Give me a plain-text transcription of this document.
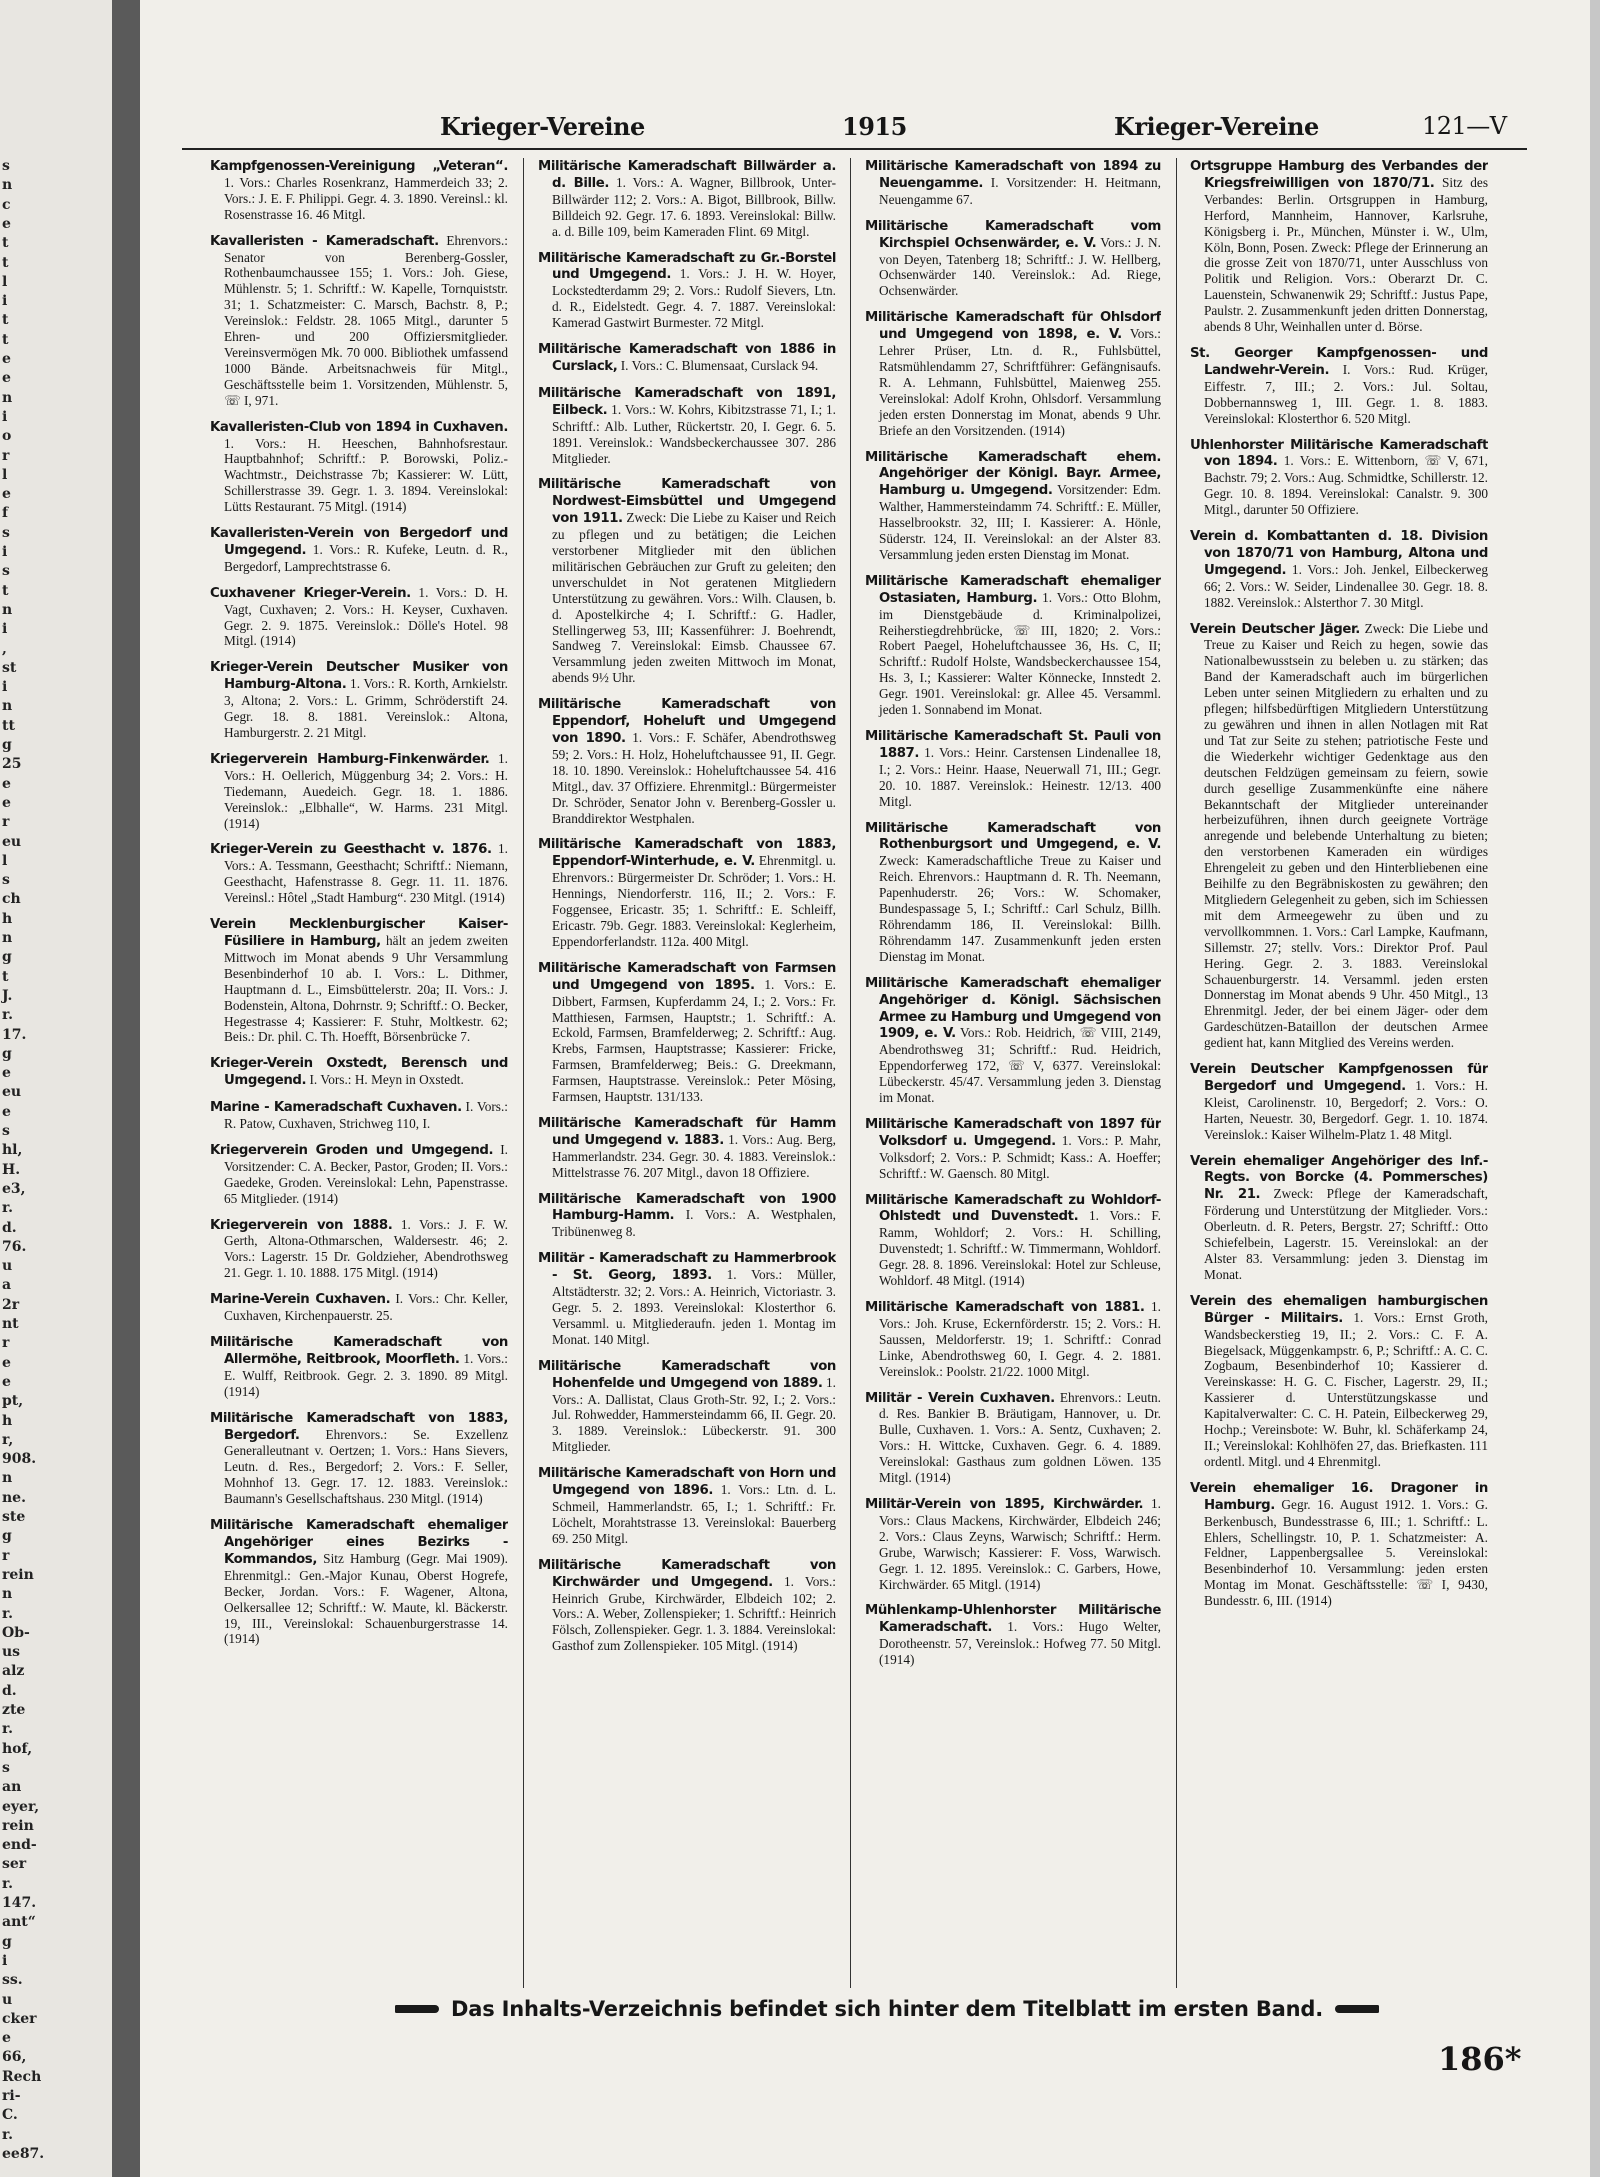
s
n
c
e
t
t
l
i
t
t
e
e
n
i
o
r
l
e
f
s
i
s
t
n
i
,
st
i
n
tt
g
25
e
e
r
eu
l
s
ch
h
n
g
t
J.
r.
17.
g
e
eu
e
s
hl,
H.
e3,
r.
d.
76.
u
a
2r
nt
r
e
e
pt,
h
r,
908.
n
ne.
ste
g
r
rein
n
r.
Ob-
us
alz
d.
zte
r.
hof,
s
an
eyer,
rein
end-
ser
r.
147.
ant“
g
i
ss.
u
cker
e
66,
Rech
ri-
C.
r.
ee87.
Krieger-Vereine	1915	Krieger-Vereine	121—V
Kampfgenossen-Vereinigung „Veteran“. 1. Vors.: Charles Rosenkranz, Hammerdeich 33; 2. Vors.: J. E. F. Philippi. Gegr. 4. 3. 1890. Vereinsl.: kl. Rosenstrasse 16. 46 Mitgl.
Kavalleristen - Kameradschaft. Ehrenvors.: Senator von Berenberg-Gossler, Rothenbaumchaussee 155; 1. Vors.: Joh. Giese, Mühlenstr. 5; 1. Schriftf.: W. Kapelle, Tornquiststr. 31; 1. Schatzmeister: C. Marsch, Bachstr. 8, P.; Vereinslok.: Feldstr. 28. 1065 Mitgl., darunter 5 Ehren- und 200 Offiziersmitglieder. Vereinsvermögen Mk. 70 000. Bibliothek umfassend 1000 Bände. Arbeitsnachweis für Mitgl., Geschäftsstelle beim 1. Vorsitzenden, Mühlenstr. 5, ☏ I, 971.
Kavalleristen-Club von 1894 in Cuxhaven. 1. Vors.: H. Heeschen, Bahnhofsrestaur. Hauptbahnhof; Schriftf.: P. Borowski, Poliz.-Wachtmstr., Deichstrasse 7b; Kassierer: W. Lütt, Schillerstrasse 39. Gegr. 1. 3. 1894. Vereinslokal: Lütts Restaurant. 75 Mitgl. (1914)
Kavalleristen-Verein von Bergedorf und Umgegend. 1. Vors.: R. Kufeke, Leutn. d. R., Bergedorf, Lamprechtstrasse 6.
Cuxhavener Krieger-Verein. 1. Vors.: D. H. Vagt, Cuxhaven; 2. Vors.: H. Keyser, Cuxhaven. Gegr. 2. 9. 1875. Vereinslok.: Dölle's Hotel. 98 Mitgl. (1914)
Krieger-Verein Deutscher Musiker von Hamburg-Altona. 1. Vors.: R. Korth, Arnkielstr. 3, Altona; 2. Vors.: L. Grimm, Schröderstift 24. Gegr. 18. 8. 1881. Vereinslok.: Altona, Hamburgerstr. 2. 21 Mitgl.
Kriegerverein Hamburg-Finkenwärder. 1. Vors.: H. Oellerich, Müggenburg 34; 2. Vors.: H. Tiedemann, Auedeich. Gegr. 18. 1. 1886. Vereinslok.: „Elbhalle“, W. Harms. 231 Mitgl. (1914)
Krieger-Verein zu Geesthacht v. 1876. 1. Vors.: A. Tessmann, Geesthacht; Schriftf.: Niemann, Geesthacht, Hafenstrasse 8. Gegr. 11. 11. 1876. Vereinsl.: Hôtel „Stadt Hamburg“. 230 Mitgl. (1914)
Verein Mecklenburgischer Kaiser-Füsiliere in Hamburg, hält an jedem zweiten Mittwoch im Monat abends 9 Uhr Versammlung Besenbinderhof 10 ab. I. Vors.: L. Dithmer, Hauptmann d. L., Eimsbüttelerstr. 20a; II. Vors.: J. Bodenstein, Altona, Dohrnstr. 9; Schriftf.: O. Becker, Hegestrasse 4; Kassierer: F. Stuhr, Moltkestr. 62; Beis.: Dr. phil. C. Th. Hoefft, Börsenbrücke 7.
Krieger-Verein Oxstedt, Berensch und Umgegend. I. Vors.: H. Meyn in Oxstedt.
Marine - Kameradschaft Cuxhaven. I. Vors.: R. Patow, Cuxhaven, Strichweg 110, I.
Kriegerverein Groden und Umgegend. I. Vorsitzender: C. A. Becker, Pastor, Groden; II. Vors.: Gaedeke, Groden. Vereinslokal: Lehn, Papenstrasse. 65 Mitglieder. (1914)
Kriegerverein von 1888. 1. Vors.: J. F. W. Gerth, Altona-Othmarschen, Waldersestr. 46; 2. Vors.: Lagerstr. 15 Dr. Goldzieher, Abendrothsweg 21. Gegr. 1. 10. 1888. 175 Mitgl. (1914)
Marine-Verein Cuxhaven. I. Vors.: Chr. Keller, Cuxhaven, Kirchenpauerstr. 25.
Militärische Kameradschaft von Allermöhe, Reitbrook, Moorfleth. 1. Vors.: E. Wulff, Reitbrook. Gegr. 2. 3. 1890. 89 Mitgl. (1914)
Militärische Kameradschaft von 1883, Bergedorf. Ehrenvors.: Se. Exzellenz Generalleutnant v. Oertzen; 1. Vors.: Hans Sievers, Leutn. d. Res., Bergedorf; 2. Vors.: F. Seller, Mohnhof 13. Gegr. 17. 12. 1883. Vereinslok.: Baumann's Gesellschaftshaus. 230 Mitgl. (1914)
Militärische Kameradschaft ehemaliger Angehöriger eines Bezirks - Kommandos, Sitz Hamburg (Gegr. Mai 1909). Ehrenmitgl.: Gen.-Major Kunau, Oberst Hogrefe, Becker, Jordan. Vors.: F. Wagener, Altona, Oelkersallee 12; Schriftf.: W. Maute, kl. Bäckerstr. 19, III., Vereinslokal: Schauenburgerstrasse 14. (1914)
Militärische Kameradschaft Billwärder a. d. Bille. 1. Vors.: A. Wagner, Billbrook, Unter-Billwärder 112; 2. Vors.: A. Bigot, Billbrook, Billw. Billdeich 92. Gegr. 17. 6. 1893. Vereinslokal: Billw. a. d. Bille 109, beim Kameraden Flint. 69 Mitgl.
Militärische Kameradschaft zu Gr.-Borstel und Umgegend. 1. Vors.: J. H. W. Hoyer, Lockstedterdamm 29; 2. Vors.: Rudolf Sievers, Ltn. d. R., Eidelstedt. Gegr. 4. 7. 1887. Vereinslokal: Kamerad Gastwirt Burmester. 72 Mitgl.
Militärische Kameradschaft von 1886 in Curslack, I. Vors.: C. Blumensaat, Curslack 94.
Militärische Kameradschaft von 1891, Eilbeck. 1. Vors.: W. Kohrs, Kibitzstrasse 71, I.; 1. Schriftf.: Alb. Luther, Rückertstr. 20, I. Gegr. 6. 5. 1891. Vereinslok.: Wandsbeckerchaussee 307. 286 Mitglieder.
Militärische Kameradschaft von Nordwest-Eimsbüttel und Umgegend von 1911. Zweck: Die Liebe zu Kaiser und Reich zu pflegen und zu betätigen; die Leichen verstorbener Mitglieder mit den üblichen militärischen Gebräuchen zur Gruft zu geleiten; den unverschuldet in Not geratenen Mitgliedern Unterstützung zu gewähren. Vors.: Wilh. Clausen, b. d. Apostelkirche 4; I. Schriftf.: G. Hadler, Stellingerweg 53, III; Kassenführer: J. Boehrendt, Sandweg 7. Vereinslokal: Eimsb. Chaussee 67. Versammlung jeden zweiten Mittwoch im Monat, abends 9½ Uhr.
Militärische Kameradschaft von Eppendorf, Hoheluft und Umgegend von 1890. 1. Vors.: F. Schäfer, Abendrothsweg 59; 2. Vors.: H. Holz, Hoheluftchaussee 91, II. Gegr. 18. 10. 1890. Vereinslok.: Hoheluftchaussee 54. 416 Mitgl., dav. 37 Offiziere. Ehrenmitgl.: Bürgermeister Dr. Schröder, Senator John v. Berenberg-Gossler u. Branddirektor Westphalen.
Militärische Kameradschaft von 1883, Eppendorf-Winterhude, e. V. Ehrenmitgl. u. Ehrenvors.: Bürgermeister Dr. Schröder; 1. Vors.: H. Hennings, Niendorferstr. 116, II.; 2. Vors.: F. Foggensee, Ericastr. 35; 1. Schriftf.: E. Schleiff, Ericastr. 79b. Gegr. 1883. Vereinslokal: Keglerheim, Eppendorferlandstr. 112a. 400 Mitgl.
Militärische Kameradschaft von Farmsen und Umgegend von 1895. 1. Vors.: E. Dibbert, Farmsen, Kupferdamm 24, I.; 2. Vors.: Fr. Matthiesen, Farmsen, Hauptstr.; 1. Schriftf.: A. Eckold, Farmsen, Bramfelderweg; 2. Schriftf.: Aug. Krebs, Farmsen, Hauptstrasse; Kassierer: Fricke, Farmsen, Bramfelderweg; Beis.: G. Dreekmann, Farmsen, Hauptstrasse. Vereinslok.: Peter Mösing, Farmsen, Hauptstr. 131/133.
Militärische Kameradschaft für Hamm und Umgegend v. 1883. 1. Vors.: Aug. Berg, Hammerlandstr. 234. Gegr. 30. 4. 1883. Vereinslok.: Mittelstrasse 76. 207 Mitgl., davon 18 Offiziere.
Militärische Kameradschaft von 1900 Hamburg-Hamm. I. Vors.: A. Westphalen, Tribünenweg 8.
Militär - Kameradschaft zu Hammerbrook - St. Georg, 1893. 1. Vors.: Müller, Altstädterstr. 32; 2. Vors.: A. Heinrich, Victoriastr. 3. Gegr. 5. 2. 1893. Vereinslokal: Klosterthor 6. Versamml. u. Mitgliederaufn. jeden 1. Montag im Monat. 140 Mitgl.
Militärische Kameradschaft von Hohenfelde und Umgegend von 1889. 1. Vors.: A. Dallistat, Claus Groth-Str. 92, I.; 2. Vors.: Jul. Rohwedder, Hammersteindamm 66, II. Gegr. 20. 3. 1889. Vereinslok.: Lübeckerstr. 91. 300 Mitglieder.
Militärische Kameradschaft von Horn und Umgegend von 1896. 1. Vors.: Ltn. d. L. Schmeil, Hammerlandstr. 65, I.; 1. Schriftf.: Fr. Löchelt, Morahtstrasse 13. Vereinslokal: Bauerberg 69. 250 Mitgl.
Militärische Kameradschaft von Kirchwärder und Umgegend. 1. Vors.: Heinrich Grube, Kirchwärder, Elbdeich 102; 2. Vors.: A. Weber, Zollenspieker; 1. Schriftf.: Heinrich Fölsch, Zollenspieker. Gegr. 1. 3. 1884. Vereinslokal: Gasthof zum Zollenspieker. 105 Mitgl. (1914)
Militärische Kameradschaft von 1894 zu Neuengamme. I. Vorsitzender: H. Heitmann, Neuengamme 67.
Militärische Kameradschaft vom Kirchspiel Ochsenwärder, e. V. Vors.: J. N. von Deyen, Tatenberg 18; Schriftf.: J. W. Hellberg, Ochsenwärder 140. Vereinslok.: Ad. Riege, Ochsenwärder.
Militärische Kameradschaft für Ohlsdorf und Umgegend von 1898, e. V. Vors.: Lehrer Prüser, Ltn. d. R., Fuhlsbüttel, Ratsmühlendamm 27, Schriftführer: Gefängnisaufs. R. A. Lehmann, Fuhlsbüttel, Maienweg 255. Vereinslokal: Adolf Krohn, Ohlsdorf. Versammlung jeden ersten Donnerstag im Monat, abends 9 Uhr. Briefe an den Vorsitzenden. (1914)
Militärische Kameradschaft ehem. Angehöriger der Königl. Bayr. Armee, Hamburg u. Umgegend. Vorsitzender: Edm. Walther, Hammersteindamm 74. Schriftf.: E. Müller, Hasselbrookstr. 32, III; I. Kassierer: A. Hönle, Süderstr. 124, II. Vereinslokal: an der Alster 83. Versammlung jeden ersten Dienstag im Monat.
Militärische Kameradschaft ehemaliger Ostasiaten, Hamburg. 1. Vors.: Otto Blohm, im Dienstgebäude d. Kriminalpolizei, Reiherstiegdrehbrücke, ☏ III, 1820; 2. Vors.: Robert Paegel, Hoheluftchaussee 36, Hs. C, II; Schriftf.: Rudolf Holste, Wandsbeckerchaussee 154, Hs. 3, I.; Kassierer: Walter Könnecke, Innstedt 2. Gegr. 1901. Vereinslokal: gr. Allee 45. Versamml. jeden 1. Sonnabend im Monat.
Militärische Kameradschaft St. Pauli von 1887. 1. Vors.: Heinr. Carstensen Lindenallee 18, I.; 2. Vors.: Heinr. Haase, Neuerwall 71, III.; Gegr. 20. 10. 1887. Vereinslok.: Heinestr. 12/13. 400 Mitgl.
Militärische Kameradschaft von Rothenburgsort und Umgegend, e. V. Zweck: Kameradschaftliche Treue zu Kaiser und Reich. Ehrenvors.: Hauptmann d. R. Th. Neemann, Papenhuderstr. 26; Vors.: W. Schomaker, Bundespassage 5, I.; Schriftf.: Carl Schulz, Billh. Röhrendamm 186, II. Vereinslokal: Billh. Röhrendamm 147. Zusammenkunft jeden ersten Dienstag im Monat.
Militärische Kameradschaft ehemaliger Angehöriger d. Königl. Sächsischen Armee zu Hamburg und Umgegend von 1909, e. V. Vors.: Rob. Heidrich, ☏ VIII, 2149, Abendrothsweg 31; Schriftf.: Rud. Heidrich, Eppendorferweg 172, ☏ V, 6377. Vereinslokal: Lübeckerstr. 45/47. Versammlung jeden 3. Dienstag im Monat.
Militärische Kameradschaft von 1897 für Volksdorf u. Umgegend. 1. Vors.: P. Mahr, Volksdorf; 2. Vors.: P. Schmidt; Kass.: A. Hoeffer; Schriftf.: W. Gaensch. 80 Mitgl.
Militärische Kameradschaft zu Wohldorf-Ohlstedt und Duvenstedt. 1. Vors.: F. Ramm, Wohldorf; 2. Vors.: H. Schilling, Duvenstedt; 1. Schriftf.: W. Timmermann, Wohldorf. Gegr. 28. 8. 1896. Vereinslokal: Hotel zur Schleuse, Wohldorf. 48 Mitgl. (1914)
Militärische Kameradschaft von 1881. 1. Vors.: Joh. Kruse, Eckernförderstr. 15; 2. Vors.: H. Saussen, Meldorferstr. 19; 1. Schriftf.: Conrad Linke, Abendrothsweg 60, I. Gegr. 4. 2. 1881. Vereinslok.: Poolstr. 21/22. 1000 Mitgl.
Militär - Verein Cuxhaven. Ehrenvors.: Leutn. d. Res. Bankier B. Bräutigam, Hannover, u. Dr. Bulle, Cuxhaven. 1. Vors.: A. Sentz, Cuxhaven; 2. Vors.: H. Wittcke, Cuxhaven. Gegr. 6. 4. 1889. Vereinslokal: Gasthaus zum goldnen Löwen. 135 Mitgl. (1914)
Militär-Verein von 1895, Kirchwärder. 1. Vors.: Claus Mackens, Kirchwärder, Elbdeich 246; 2. Vors.: Claus Zeyns, Warwisch; Schriftf.: Herm. Grube, Warwisch; Kassierer: F. Voss, Warwisch. Gegr. 1. 12. 1895. Vereinslok.: C. Garbers, Howe, Kirchwärder. 65 Mitgl. (1914)
Mühlenkamp-Uhlenhorster Militärische Kameradschaft. 1. Vors.: Hugo Welter, Dorotheenstr. 57, Vereinslok.: Hofweg 77. 50 Mitgl. (1914)
Ortsgruppe Hamburg des Verbandes der Kriegsfreiwilligen von 1870/71. Sitz des Verbandes: Berlin. Ortsgruppen in Hamburg, Herford, Mannheim, Hannover, Karlsruhe, Königsberg i. Pr., München, Münster i. W., Ulm, Köln, Bonn, Posen. Zweck: Pflege der Erinnerung an die grosse Zeit von 1870/71, unter Ausschluss von Politik und Religion. Vors.: Oberarzt Dr. C. Lauenstein, Schwanenwik 29; Schriftf.: Justus Pape, Paulstr. 2. Zusammenkunft jeden dritten Donnerstag, abends 8 Uhr, Weinhallen unter d. Börse.
St. Georger Kampfgenossen- und Landwehr-Verein. I. Vors.: Rud. Krüger, Eiffestr. 7, III.; 2. Vors.: Jul. Soltau, Dobbernannsweg 1, III. Gegr. 1. 8. 1883. Vereinslokal: Klosterthor 6. 520 Mitgl.
Uhlenhorster Militärische Kameradschaft von 1894. 1. Vors.: E. Wittenborn, ☏ V, 671, Bachstr. 79; 2. Vors.: Aug. Schmidtke, Schillerstr. 12. Gegr. 10. 8. 1894. Vereinslokal: Canalstr. 9. 300 Mitgl., darunter 50 Offiziere.
Verein d. Kombattanten d. 18. Division von 1870/71 von Hamburg, Altona und Umgegend. 1. Vors.: Joh. Jenkel, Eilbeckerweg 66; 2. Vors.: W. Seider, Lindenallee 30. Gegr. 18. 8. 1882. Vereinslok.: Alsterthor 7. 30 Mitgl.
Verein Deutscher Jäger. Zweck: Die Liebe und Treue zu Kaiser und Reich zu hegen, sowie das Nationalbewusstsein zu beleben u. zu stärken; das Band der Kameradschaft auch im bürgerlichen Leben unter seinen Mitgliedern zu erhalten und zu pflegen; hilfsbedürftigen Mitgliedern Unterstützung zu gewähren und ihnen in allen Notlagen mit Rat und Tat zur Seite zu stehen; patriotische Feste und die Wiederkehr wichtiger Gedenktage aus den deutschen Feldzügen gemeinsam zu feiern, sowie durch gesellige Zusammenkünfte eine nähere Bekanntschaft der Mitglieder untereinander herbeizuführen, ihnen durch geeignete Vorträge anregende und belebende Unterhaltung zu bieten; den verstorbenen Kameraden ein würdiges Ehrengeleit zu geben und den Hinterbliebenen eine Beihilfe zu den Begräbniskosten zu gewähren; den Mitgliedern Gelegenheit zu geben, sich im Schiessen mit dem Armeegewehr zu üben und zu vervollkommnen. 1. Vors.: Carl Lampke, Kaufmann, Sillemstr. 27; stellv. Vors.: Direktor Prof. Paul Hering. Gegr. 2. 3. 1883. Vereinslokal Schauenburgerstr. 14. Versamml. jeden ersten Donnerstag im Monat abends 9 Uhr. 450 Mitgl., 13 Ehrenmitgl. Jeder, der bei einem Jäger- oder dem Gardeschützen-Bataillon der deutschen Armee gedient hat, kann Mitglied des Vereins werden.
Verein Deutscher Kampfgenossen für Bergedorf und Umgegend. 1. Vors.: H. Kleist, Carolinenstr. 10, Bergedorf; 2. Vors.: O. Harten, Neuestr. 30, Bergedorf. Gegr. 1. 10. 1874. Vereinslok.: Kaiser Wilhelm-Platz 1. 48 Mitgl.
Verein ehemaliger Angehöriger des Inf.-Regts. von Borcke (4. Pommersches) Nr. 21. Zweck: Pflege der Kameradschaft, Förderung und Unterstützung der Mitglieder. Vors.: Oberleutn. d. R. Peters, Bergstr. 27; Schriftf.: Otto Schiefelbein, Lagerstr. 15. Vereinslokal: an der Alster 83. Versammlung: jeden 3. Dienstag im Monat.
Verein des ehemaligen hamburgischen Bürger - Militairs. 1. Vors.: Ernst Groth, Wandsbeckerstieg 19, II.; 2. Vors.: C. F. A. Biegelsack, Müggenkampstr. 6, P.; Schriftf.: A. C. C. Zogbaum, Besenbinderhof 10; Kassierer d. Vereinskasse: H. G. C. Fischer, Lagerstr. 29, II.; Kassierer d. Unterstützungskasse und Kapitalverwalter: C. C. H. Patein, Eilbeckerweg 29, Hochp.; Vereinsbote: W. Buhr, kl. Schäferkamp 24, II.; Vereinslokal: Kohlhöfen 27, das. Briefkasten. 111 ordentl. Mitgl. und 4 Ehrenmitgl.
Verein ehemaliger 16. Dragoner in Hamburg. Gegr. 16. August 1912. 1. Vors.: G. Berkenbusch, Bundesstrasse 6, III.; 1. Schriftf.: L. Ehlers, Schellingstr. 10, P. 1. Schatzmeister: A. Feldner, Lappenbergsallee 5. Vereinslokal: Besenbinderhof 10. Versammlung: jeden ersten Montag im Monat. Geschäftsstelle: ☏ I, 9430, Bundesstr. 6, III. (1914)
Das Inhalts-Verzeichnis befindet sich hinter dem Titelblatt im ersten Band.
186*
